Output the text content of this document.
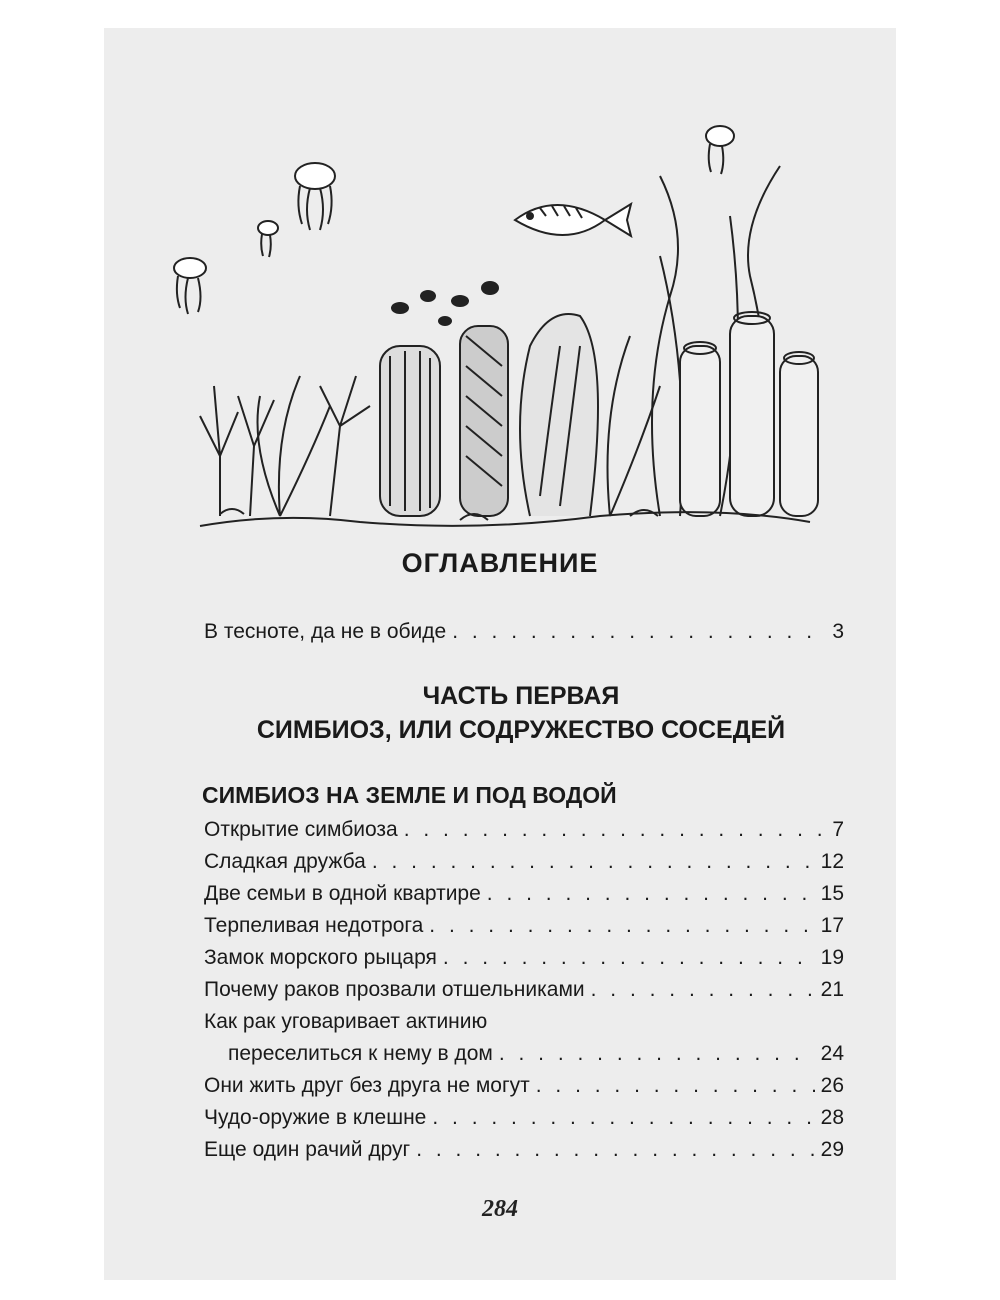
ОГЛАВЛЕНИЕ
В тесноте, да не в обиде . . .	3
ЧАСТЬ ПЕРВАЯ
СИМБИОЗ, ИЛИ СОДРУЖЕСТВО СОСЕДЕЙ
СИМБИОЗ НА ЗЕМЛЕ И ПОД ВОДОЙ
Открытие симбиоза . . .	7
Сладкая дружба . . .	12
Две семьи в одной квартире . . .	15
Терпеливая недотрога . . .	17
Замок морского рыцаря . . .	19
Почему раков прозвали отшельниками . . .	21
Как рак уговаривает актинию
переселиться к нему в дом . . .	24
Они жить друг без друга не могут . . .	26
Чудо-оружие в клешне . . .	28
Еще один рачий друг . . .	29
284
